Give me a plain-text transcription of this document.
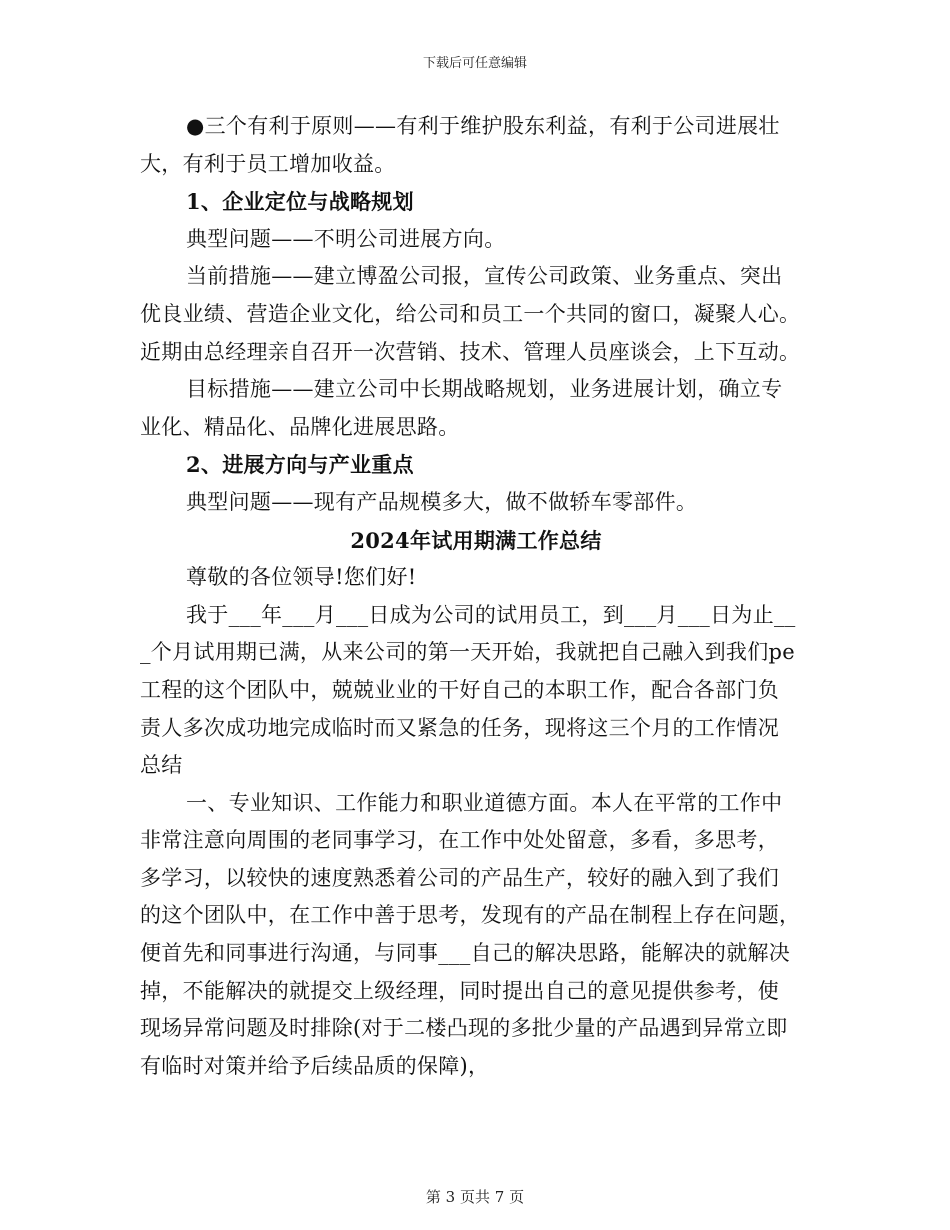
下载后可任意编辑
● 三个有利于原则——有利于维护股东利益，有利于公司进展壮
大，有利于员工增加收益。
1、企业定位与战略规划
典型问题——不明公司进展方向。
当前措施——建立博盈公司报，宣传公司政策、业务重点、突出
优良业绩、营造企业文化，给公司和员工一个共同的窗口，凝聚人心。
近期由总经理亲自召开一次营销、技术、管理人员座谈会，上下互动。
目标措施——建立公司中长期战略规划，业务进展计划，确立专
业化、精品化、品牌化进展思路。
2、进展方向与产业重点
典型问题——现有产品规模多大，做不做轿车零部件。
2024年试用期满工作总结
尊敬的各位领导!您们好!
我于___年___月___日成为公司的试用员工，到___月___日为止__
_个月试用期已满，从来公司的第一天开始，我就把自己融入到我们pe
工程的这个团队中，兢兢业业的干好自己的本职工作，配合各部门负
责人多次成功地完成临时而又紧急的任务，现将这三个月的工作情况
总结
一、专业知识、工作能力和职业道德方面。本人在平常的工作中
非常注意向周围的老同事学习，在工作中处处留意，多看，多思考，
多学习，以较快的速度熟悉着公司的产品生产，较好的融入到了我们
的这个团队中，在工作中善于思考，发现有的产品在制程上存在问题，
便首先和同事进行沟通，与同事___自己的解决思路，能解决的就解决
掉，不能解决的就提交上级经理，同时提出自己的意见提供参考，使
现场异常问题及时排除(对于二楼凸现的多批少量的产品遇到异常立即
有临时对策并给予后续品质的保障)，
第 3 页共 7 页
